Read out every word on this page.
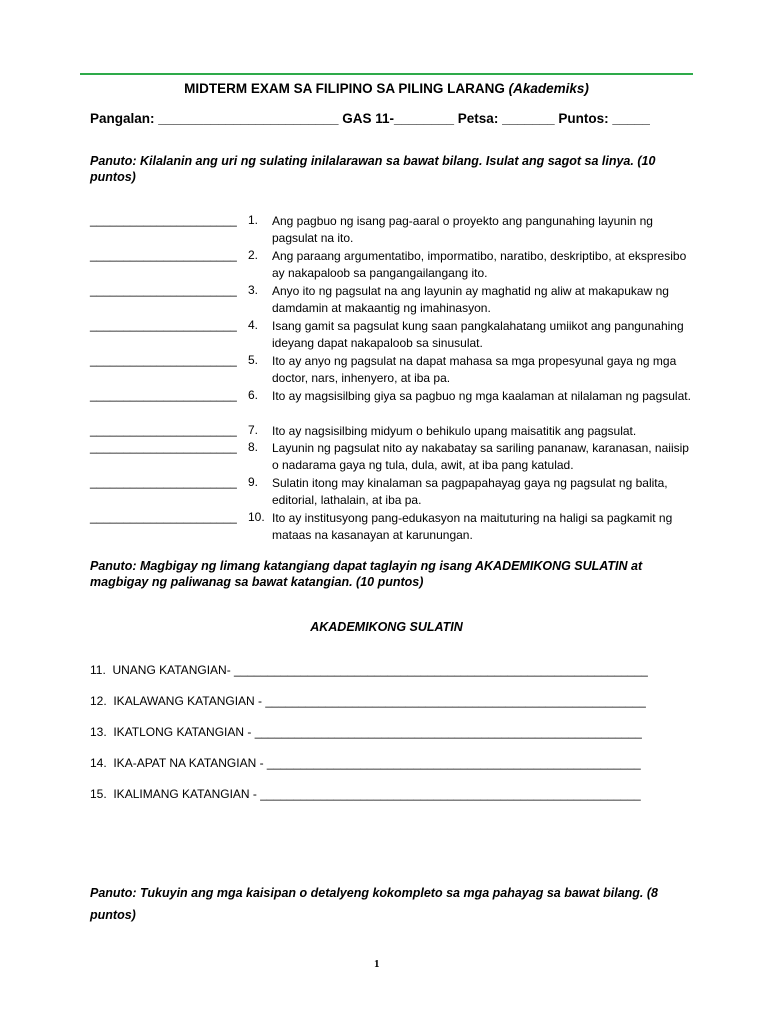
MIDTERM EXAM SA FILIPINO SA PILING LARANG (Akademiks)
Pangalan: ________________________ GAS 11-________ Petsa: _______ Puntos: _____
Panuto: Kilalanin ang uri ng sulating inilalarawan sa bawat bilang. Isulat ang sagot sa linya. (10 puntos)
______________________ 1. Ang pagbuo ng isang pag-aaral o proyekto ang pangunahing layunin ng pagsulat na ito.
______________________ 2. Ang paraang argumentatibo, impormatibo, naratibo, deskriptibo, at ekspresibo ay nakapaloob sa pangangailangang ito.
______________________ 3. Anyo ito ng pagsulat na ang layunin ay maghatid ng aliw at makapukaw ng damdamin at makaantig ng imahinasyon.
______________________ 4. Isang gamit sa pagsulat kung saan pangkalahatang umiikot ang pangunahing ideyang dapat nakapaloob sa sinusulat.
______________________ 5. Ito ay anyo ng pagsulat na dapat mahasa sa mga propesyunal gaya ng mga doctor, nars, inhenyero, at iba pa.
______________________ 6. Ito ay magsisilbing giya sa pagbuo ng mga kaalaman at nilalaman ng pagsulat.
______________________ 7. Ito ay nagsisilbing midyum o behikulo upang maisatitik ang pagsulat.
______________________ 8. Layunin ng pagsulat nito ay nakabatay sa sariling pananaw, karanasan, naiisip o nadarama gaya ng tula, dula, awit, at iba pang katulad.
______________________ 9. Sulatin itong may kinalaman sa pagpapahayag gaya ng pagsulat ng balita, editorial, lathalain, at iba pa.
______________________ 10. Ito ay institusyong pang-edukasyon na maituturing na haligi sa pagkamit ng mataas na kasanayan at karunungan.
Panuto: Magbigay ng limang katangiang dapat taglayin ng isang AKADEMIKONG SULATIN at magbigay ng paliwanag sa bawat katangian. (10 puntos)
AKADEMIKONG SULATIN
11.  UNANG KATANGIAN- ______________________________________________________________
12.  IKALAWANG KATANGIAN - _________________________________________________________
13.  IKATLONG KATANGIAN - __________________________________________________________
14.  IKA-APAT NA KATANGIAN - ________________________________________________________
15.  IKALIMANG KATANGIAN - _________________________________________________________
Panuto: Tukuyin ang mga kaisipan o detalyeng kokompleto sa mga pahayag sa bawat bilang. (8 puntos)
1
